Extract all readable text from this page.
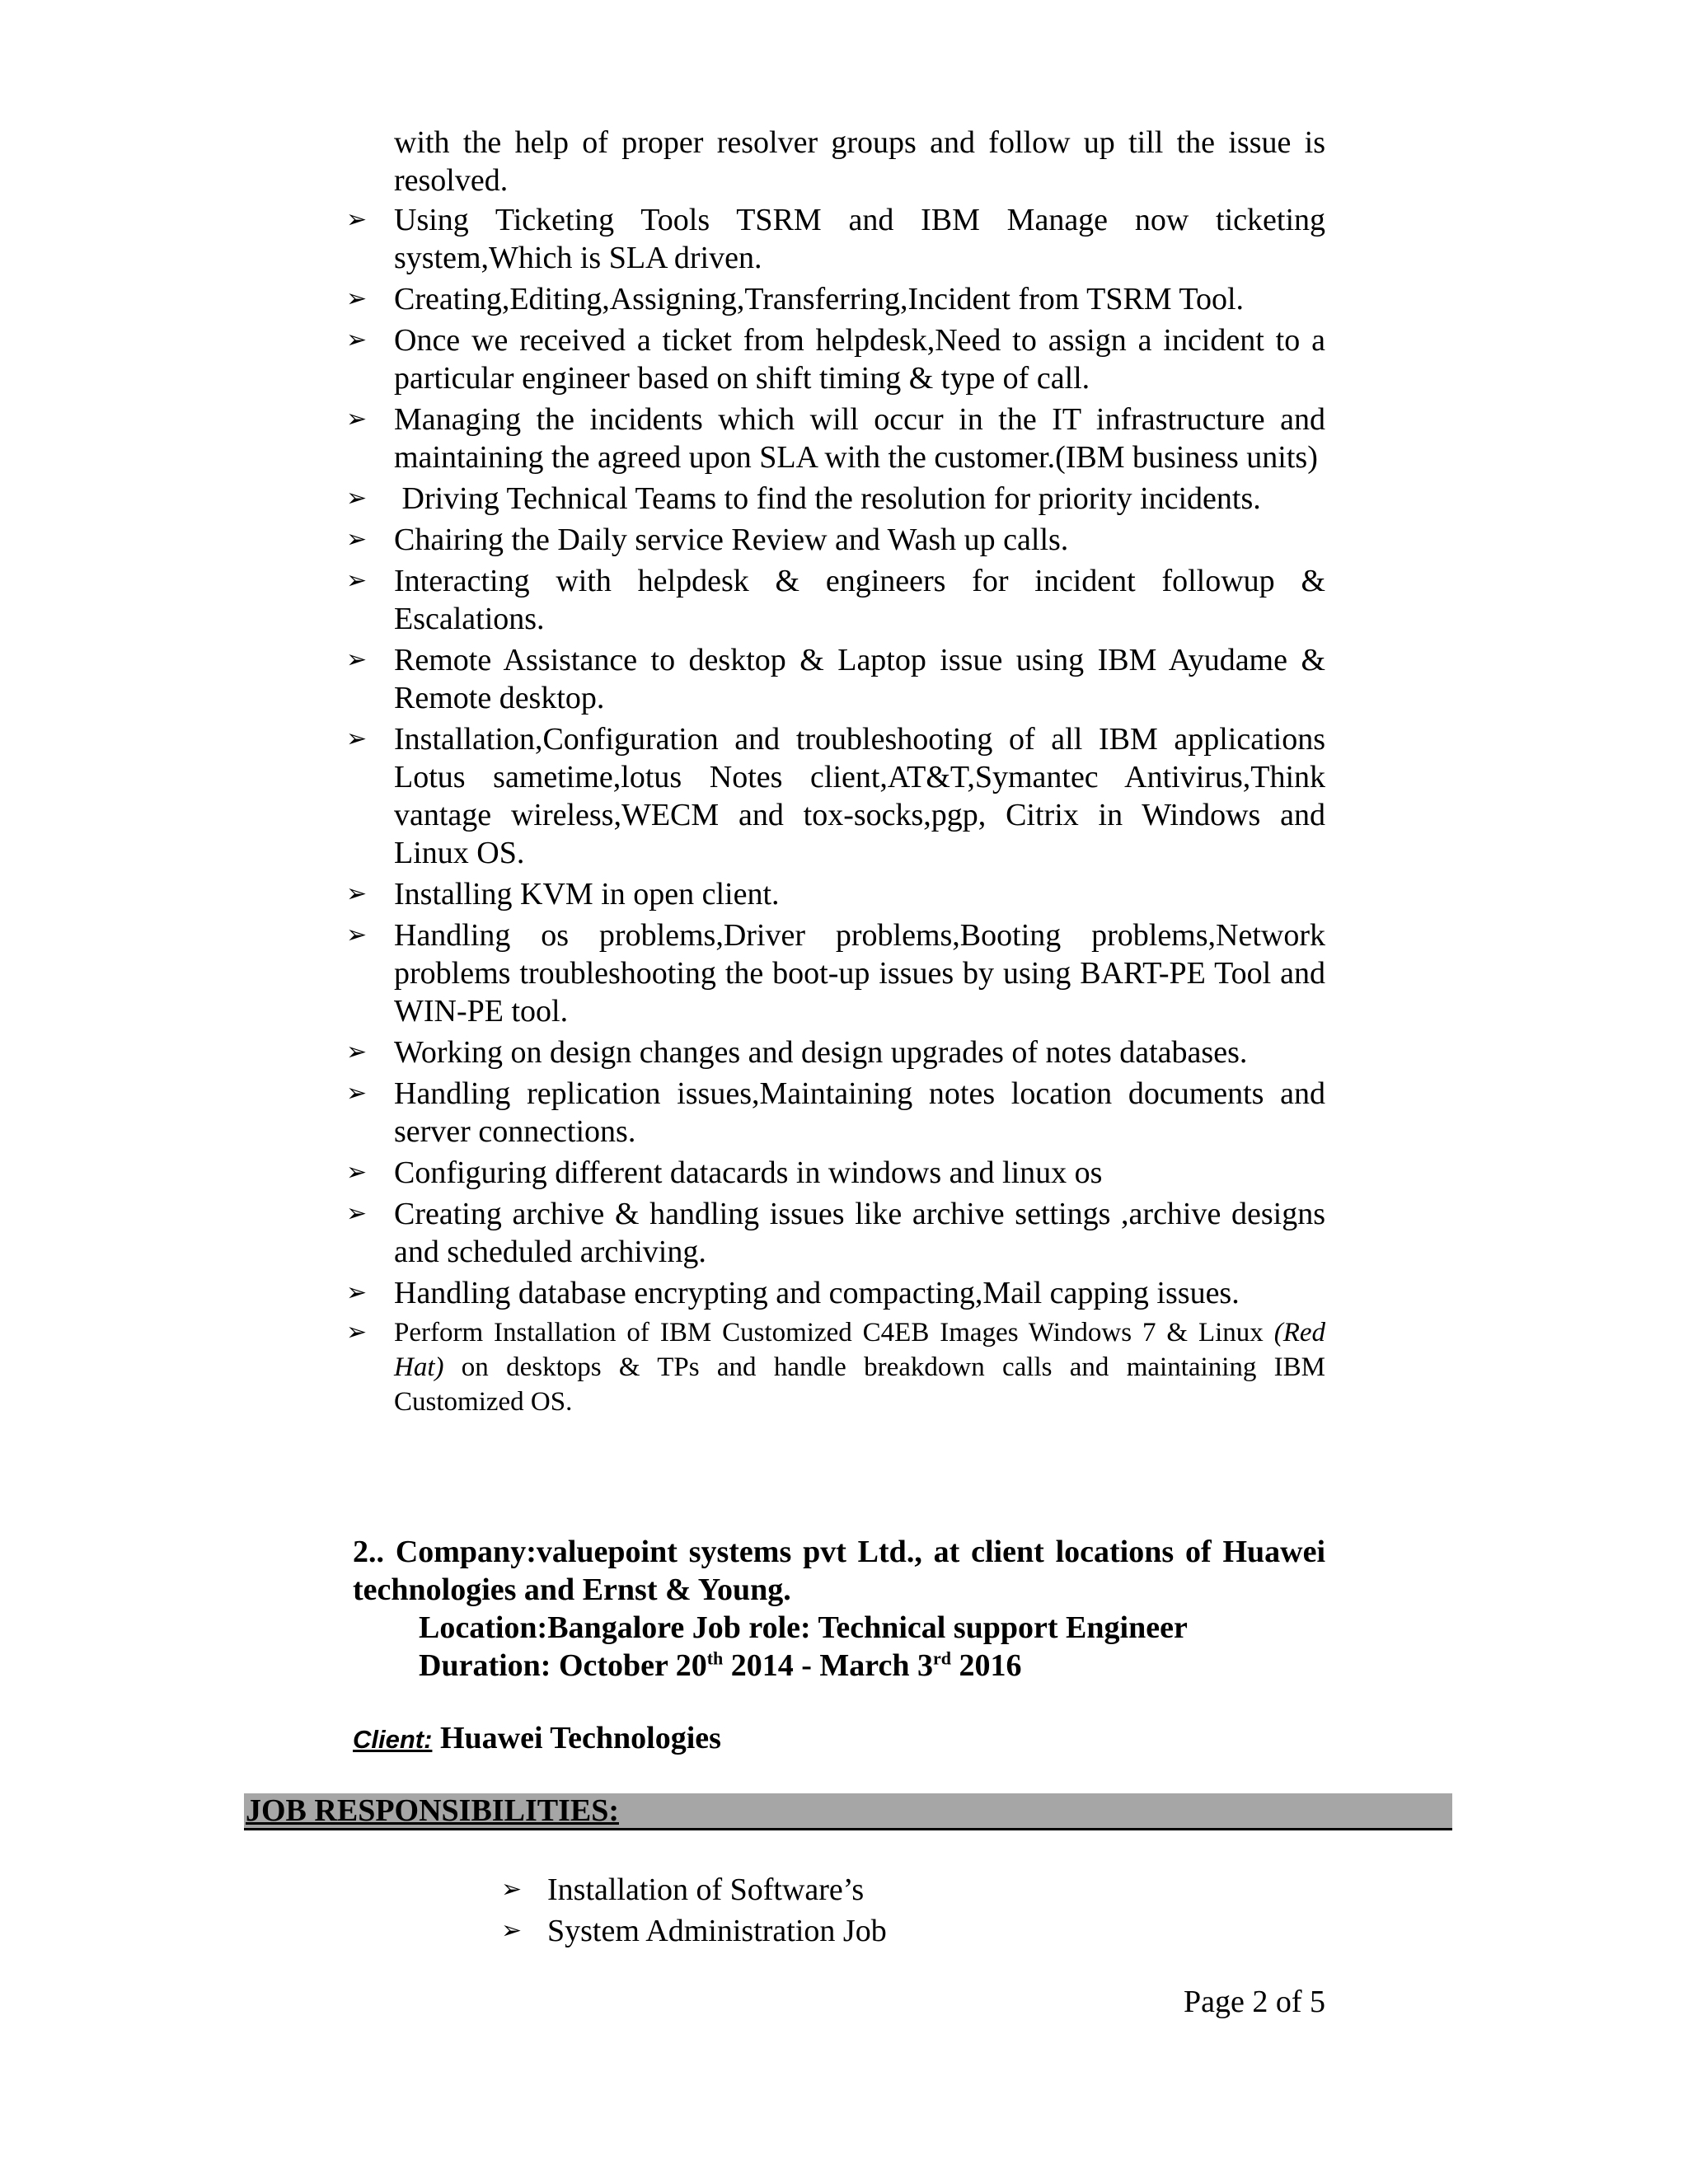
with the help of proper resolver groups and follow up till the issue is resolved.
➢ Using Ticketing Tools TSRM and IBM Manage now ticketing system,Which is SLA driven.
➢ Creating,Editing,Assigning,Transferring,Incident from TSRM Tool.
➢ Once we received a ticket from helpdesk,Need to assign a incident to a particular engineer based on shift timing & type of call.
➢ Managing the incidents which will occur in the IT infrastructure and maintaining the agreed upon SLA with the customer.(IBM business units)
➢ Driving Technical Teams to find the resolution for priority incidents.
➢ Chairing the Daily service Review and Wash up calls.
➢ Interacting with helpdesk & engineers for incident followup & Escalations.
➢ Remote Assistance to desktop & Laptop issue using IBM Ayudame & Remote desktop.
➢ Installation,Configuration and troubleshooting of all IBM applications Lotus sametime,lotus Notes client,AT&T,Symantec Antivirus,Think vantage wireless,WECM and tox-socks,pgp, Citrix in Windows and Linux OS.
➢ Installing KVM in open client.
➢ Handling os problems,Driver problems,Booting problems,Network problems troubleshooting the boot-up issues by using BART-PE Tool and WIN-PE tool.
➢ Working on design changes and design upgrades of notes databases.
➢ Handling replication issues,Maintaining notes location documents and server connections.
➢ Configuring different datacards in windows and linux os
➢ Creating archive & handling issues like archive settings ,archive designs and scheduled archiving.
➢ Handling database encrypting and compacting,Mail capping issues.
➢ Perform Installation of IBM Customized C4EB Images Windows 7 & Linux (Red Hat) on desktops & TPs and handle breakdown calls and maintaining IBM Customized OS.
2.. Company:valuepoint systems pvt Ltd., at client locations of Huawei technologies and Ernst & Young.
Location:Bangalore Job role: Technical support Engineer
Duration: October 20th 2014 - March 3rd 2016
Client: Huawei Technologies
JOB RESPONSIBILITIES:
➢ Installation of Software’s
➢ System Administration Job
Page 2 of 5
